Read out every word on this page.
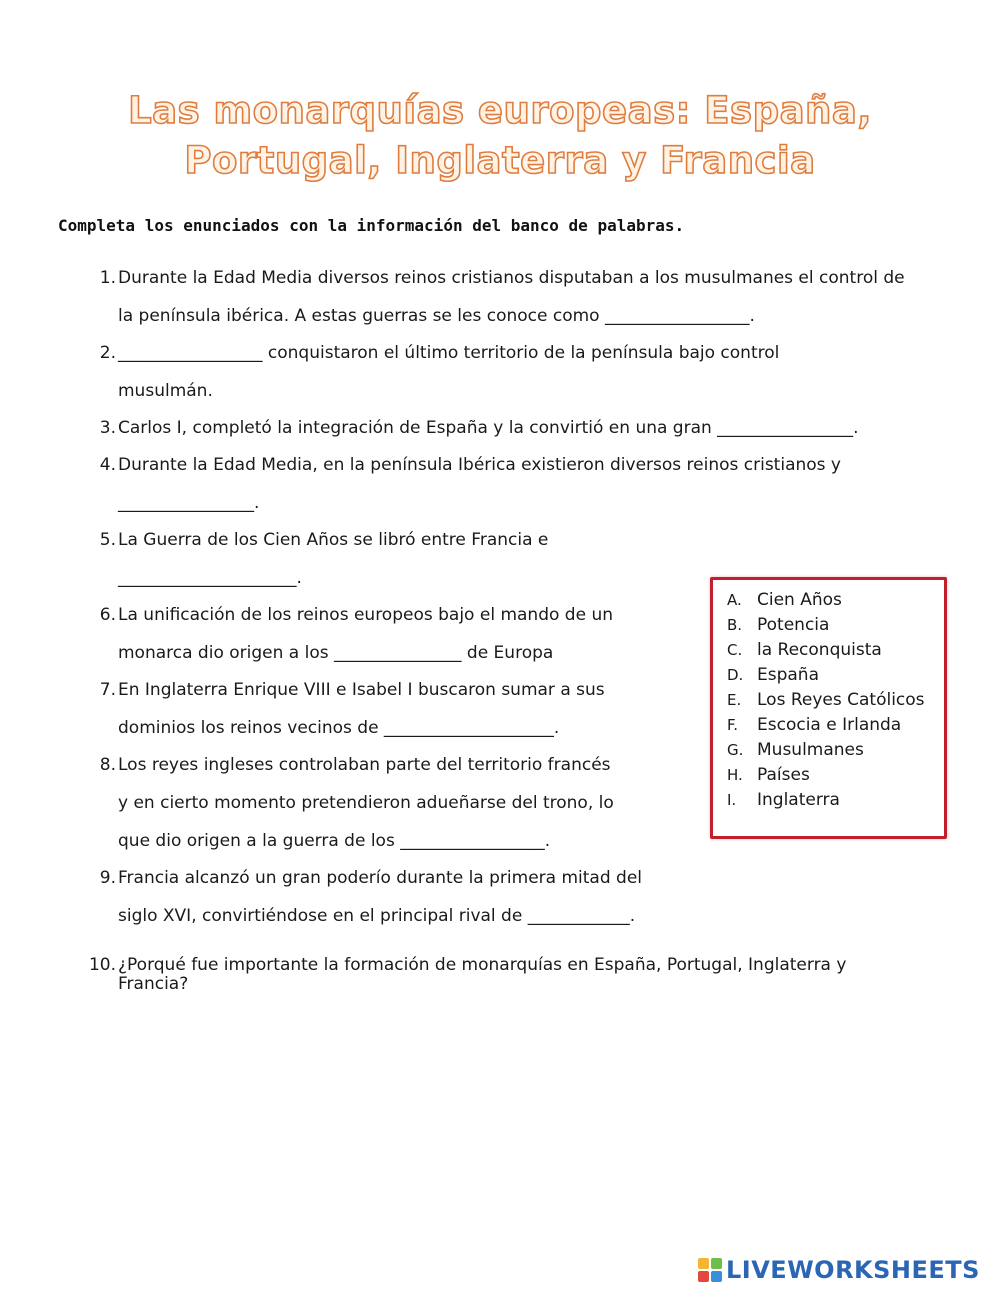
Las monarquías europeas: España,
Portugal, Inglaterra y Francia
Completa los enunciados con la información del banco de palabras.
1. Durante la Edad Media diversos reinos cristianos disputaban a los musulmanes el control de
la península ibérica. A estas guerras se les conoce como _________________.
2. _________________ conquistaron el último territorio de la península bajo control
musulmán.
3. Carlos I, completó la integración de España y la convirtió en una gran ________________.
4. Durante la Edad Media, en la península Ibérica existieron diversos reinos cristianos y
________________.
5. La Guerra de los Cien Años se libró entre Francia e
_____________________.
6. La unificación de los reinos europeos bajo el mando de un
monarca dio origen a los _______________ de Europa
7. En Inglaterra Enrique VIII e Isabel I buscaron sumar a sus
dominios los reinos vecinos de ____________________.
8. Los reyes ingleses controlaban parte del territorio francés
y en cierto momento pretendieron adueñarse del trono, lo
que dio origen a la guerra de los _________________.
9. Francia alcanzó un gran poderío durante la primera mitad del
siglo XVI, convirtiéndose en el principal rival de ____________.
10. ¿Porqué fue importante la formación de monarquías en España, Portugal, Inglaterra y
Francia?
A. Cien Años
B. Potencia
C. la Reconquista
D. España
E. Los Reyes Católicos
F. Escocia e Irlanda
G. Musulmanes
H. Países
I. Inglaterra
LIVEWORKSHEETS
